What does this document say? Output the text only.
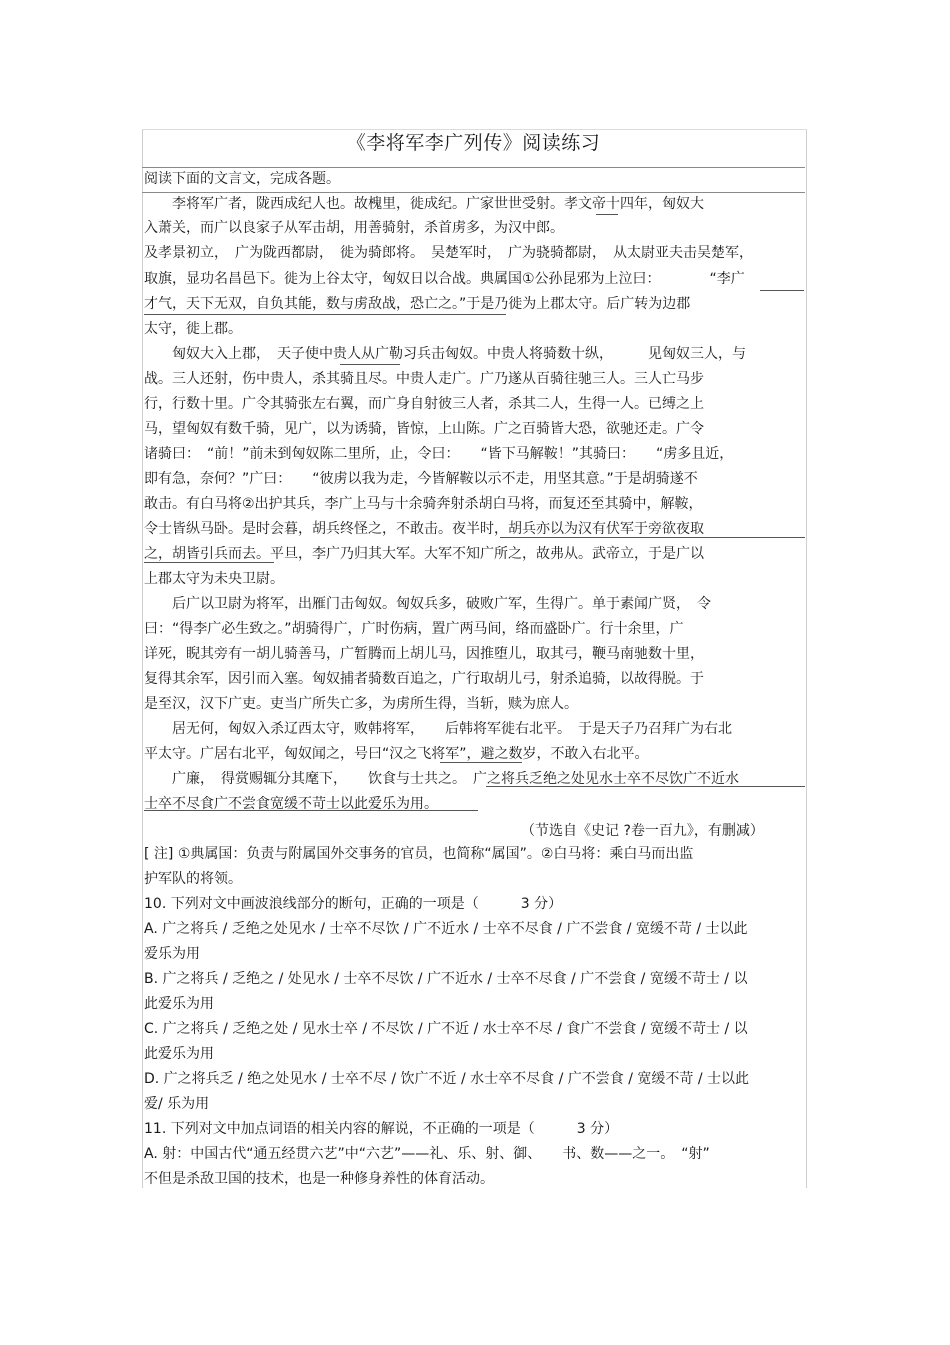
《李将军李广列传》阅读练习
阅读下面的文言文，完成各题。
　　李将军广者，陇西成纪人也。故槐里，徙成纪。广家世世受射。孝文帝十四年，匈奴大
入萧关，而广以良家子从军击胡，用善骑射，杀首虏多，为汉中郎。
及孝景初立，　广为陇西都尉，　徙为骑郎将。　吴楚军时，　广为骁骑都尉，　从太尉亚夫击吴楚军，
取旗，显功名昌邑下。徙为上谷太守，匈奴日以合战。典属国①公孙昆邪为上泣曰：　　　　“李广
才气，天下无双，自负其能，数与虏敌战，恐亡之。”于是乃徙为上郡太守。后广转为边郡
太守，徙上郡。
　　匈奴大入上郡，　天子使中贵人从广勒习兵击匈奴。中贵人将骑数十纵，　　　见匈奴三人，与
战。三人还射，伤中贵人，杀其骑且尽。中贵人走广。广乃遂从百骑往驰三人。三人亡马步
行，行数十里。广令其骑张左右翼，而广身自射彼三人者，杀其二人，生得一人。已缚之上
马，望匈奴有数千骑，见广，以为诱骑，皆惊，上山陈。广之百骑皆大恐，欲驰还走。广令
诸骑曰：　“前！”前未到匈奴陈二里所，止，令曰：　　“皆下马解鞍！”其骑曰：　　“虏多且近，
即有急，奈何？”广曰：　　“彼虏以我为走，今皆解鞍以示不走，用坚其意。”于是胡骑遂不
敢击。有白马将②出护其兵，李广上马与十余骑奔射杀胡白马将，而复还至其骑中，解鞍，
令士皆纵马卧。是时会暮，胡兵终怪之，不敢击。夜半时，胡兵亦以为汉有伏军于旁欲夜取
之，胡皆引兵而去。平旦，李广乃归其大军。大军不知广所之，故弗从。武帝立，于是广以
上郡太守为未央卫尉。
　　后广以卫尉为将军，出雁门击匈奴。匈奴兵多，破败广军，生得广。单于素闻广贤，　令
曰：“得李广必生致之。”胡骑得广，广时伤病，置广两马间，络而盛卧广。行十余里，广
详死，睨其旁有一胡儿骑善马，广暂腾而上胡儿马，因推堕儿，取其弓，鞭马南驰数十里，
复得其余军，因引而入塞。匈奴捕者骑数百追之，广行取胡儿弓，射杀追骑，以故得脱。于
是至汉，汉下广吏。吏当广所失亡多，为虏所生得，当斩，赎为庶人。
　　居无何，匈奴入杀辽西太守，败韩将军，　　后韩将军徙右北平。　于是天子乃召拜广为右北
平太守。广居右北平，匈奴闻之，号曰“汉之飞将军”，避之数岁，不敢入右北平。
　　广廉，　得赏赐辄分其麾下，　　饮食与士共之。　广之将兵乏绝之处见水士卒不尽饮广不近水
士卒不尽食广不尝食宽缓不苛士以此爱乐为用。
（节选自《史记 ?卷一百九》，有删减）
[ 注] ①典属国：负责与附属国外交事务的官员，也简称“属国”。②白马将：乘白马而出监
护军队的将领。
10. 下列对文中画波浪线部分的断句，正确的一项是（　　　3 分）
A. 广之将兵 / 乏绝之处见水 / 士卒不尽饮 / 广不近水 / 士卒不尽食 / 广不尝食 / 宽缓不苛 / 士以此
爱乐为用
B. 广之将兵 / 乏绝之 / 处见水 / 士卒不尽饮 / 广不近水 / 士卒不尽食 / 广不尝食 / 宽缓不苛士 / 以
此爱乐为用
C. 广之将兵 / 乏绝之处 / 见水士卒 / 不尽饮 / 广不近 / 水士卒不尽 / 食广不尝食 / 宽缓不苛士 / 以
此爱乐为用
D. 广之将兵乏 / 绝之处见水 / 士卒不尽 / 饮广不近 / 水士卒不尽食 / 广不尝食 / 宽缓不苛 / 士以此
爱/ 乐为用
11. 下列对文中加点词语的相关内容的解说，不正确的一项是（　　　3 分）
A. 射：中国古代“通五经贯六艺”中“六艺”——礼、乐、射、御、　　书、数——之一。　“射”
不但是杀敌卫国的技术，也是一种修身养性的体育活动。
